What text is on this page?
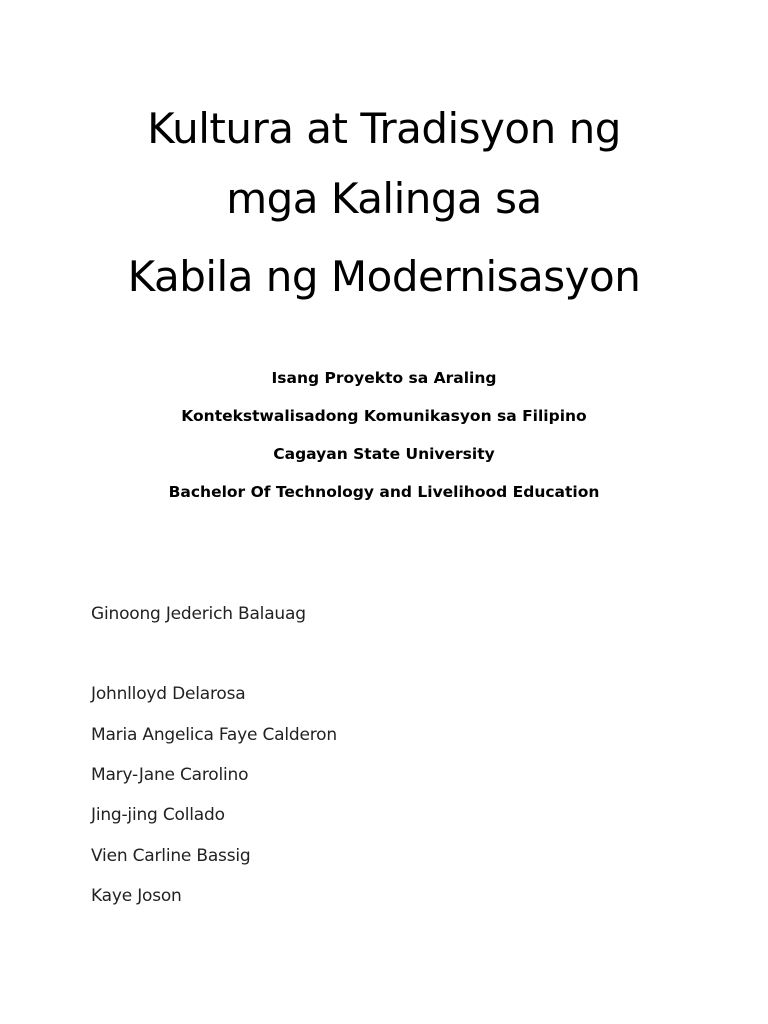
Kultura at Tradisyon ng
mga Kalinga sa
Kabila ng Modernisasyon
Isang Proyekto sa Araling
Kontekstwalisadong Komunikasyon sa Filipino
Cagayan State University
Bachelor Of Technology and Livelihood Education
Ginoong Jederich Balauag
Johnlloyd Delarosa
Maria Angelica Faye Calderon
Mary-Jane Carolino
Jing-jing Collado
Vien Carline Bassig
Kaye Joson
